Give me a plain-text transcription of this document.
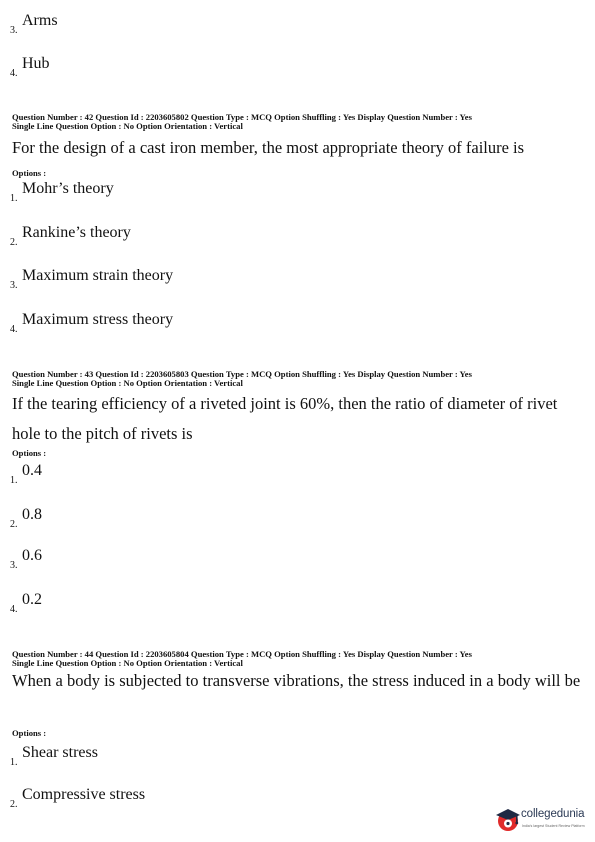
3.
Arms
4.
Hub
Question Number : 42 Question Id : 2203605802 Question Type : MCQ Option Shuffling : Yes Display Question Number : Yes
Single Line Question Option : No Option Orientation : Vertical
For the design of a cast iron member, the most appropriate theory of failure is
Options :
1.
Mohr’s theory
2.
Rankine’s theory
3.
Maximum strain theory
4.
Maximum stress theory
Question Number : 43 Question Id : 2203605803 Question Type : MCQ Option Shuffling : Yes Display Question Number : Yes
Single Line Question Option : No Option Orientation : Vertical
If the tearing efficiency of a riveted joint is 60%, then the ratio of diameter of rivet hole to the pitch of rivets is
Options :
1.
0.4
2.
0.8
3.
0.6
4.
0.2
Question Number : 44 Question Id : 2203605804 Question Type : MCQ Option Shuffling : Yes Display Question Number : Yes
Single Line Question Option : No Option Orientation : Vertical
When a body is subjected to transverse vibrations, the stress induced in a body will be
Options :
1.
Shear stress
2.
Compressive stress
collegedunia
India's largest Student Review Platform
